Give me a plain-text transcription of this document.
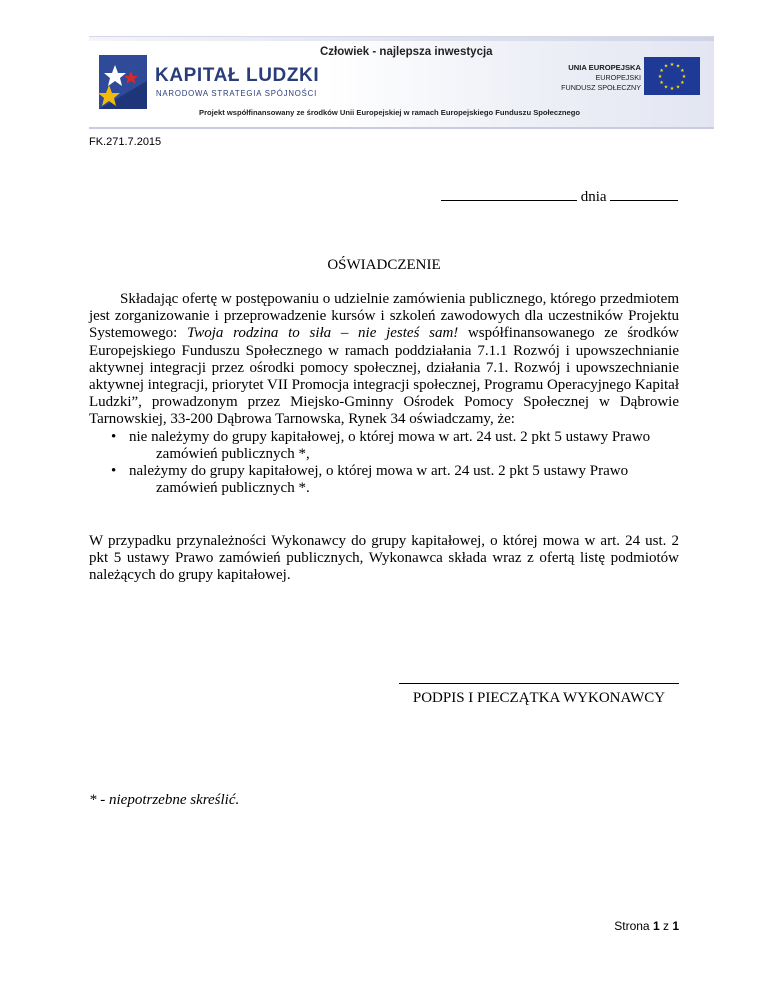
KAPITAŁ LUDZKI
NARODOWA STRATEGIA SPÓJNOŚCI
Człowiek - najlepsza inwestycja
UNIA EUROPEJSKA
EUROPEJSKI
FUNDUSZ SPOŁECZNY
★ ★
★
★
★
★
★
★
★
★
★
★
Projekt współfinansowany ze środków Unii Europejskiej w ramach Europejskiego Funduszu Społecznego
FK.271.7.2015
dnia
OŚWIADCZENIE

Składając ofertę w postępowaniu o udzielnie zamówienia publicznego, którego przedmiotem jest zorganizowanie i przeprowadzenie kursów i szkoleń zawodowych dla uczestników Projektu Systemowego: Twoja rodzina to siła – nie jesteś sam! współfinansowanego ze środków Europejskiego Funduszu Społecznego w ramach poddziałania 7.1.1 Rozwój i upowszechnianie aktywnej integracji przez ośrodki pomocy społecznej, działania 7.1. Rozwój i upowszechnianie aktywnej integracji, priorytet VII Promocja integracji społecznej, Programu Operacyjnego Kapitał Ludzki”, prowadzonym przez Miejsko-Gminny Ośrodek Pomocy Społecznej w Dąbrowie Tarnowskiej, 33-200 Dąbrowa Tarnowska, Rynek 34 oświadczamy, że:

• nie należymy do grupy kapitałowej, o której mowa w art. 24 ust. 2 pkt 5 ustawy Prawo
zamówień publicznych *,
• należymy do grupy kapitałowej, o której mowa w art. 24 ust. 2 pkt 5 ustawy Prawo
zamówień publicznych *.
W przypadku przynależności Wykonawcy do grupy kapitałowej, o której mowa w art. 24 ust. 2 pkt 5 ustawy Prawo zamówień publicznych, Wykonawca składa wraz z ofertą listę podmiotów należących do grupy kapitałowej.
PODPIS I PIECZĄTKA WYKONAWCY
* - niepotrzebne skreślić.
Strona 1 z 1
